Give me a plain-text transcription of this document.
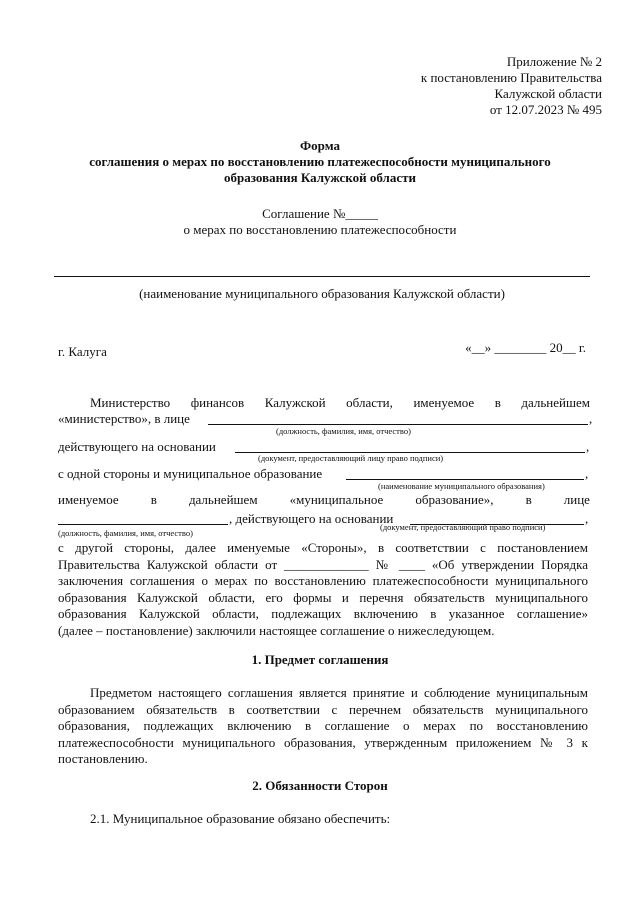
Приложение № 2
к постановлению Правительства
Калужской области
от 12.07.2023 № 495
Форма
соглашения о мерах по восстановлению платежеспособности муниципального
образования Калужской области
Соглашение №_____
о мерах по восстановлению платежеспособности
(наименование муниципального образования Калужской области)
г. Калуга	«__» ________ 20__ г.
Министерство финансов Калужской области, именуемое в дальнейшем
«министерство», в лице	,
(должность, фамилия, имя, отчество)
действующего на основании	,
(документ, предоставляющий лицу право подписи)
с одной стороны и муниципальное образование	,
(наименование муниципального образования)
именуемое в дальнейшем «муниципальное образование», в лице
, действующего на основании	,
(должность, фамилия, имя, отчество)
(документ, предоставляющий право подписи)
с другой стороны, далее именуемые «Стороны», в соответствии с постановлением
Правительства Калужской области от _____________ № ____ «Об утверждении Порядка
заключения соглашения о мерах по восстановлению платежеспособности муниципального
образования Калужской области, его формы и перечня обязательств муниципального
образования Калужской области, подлежащих включению в указанное соглашение»
(далее – постановление) заключили настоящее соглашение о нижеследующем.
1. Предмет соглашения
Предметом настоящего соглашения является принятие и соблюдение муниципальным
образованием обязательств в соответствии с перечнем обязательств муниципального
образования, подлежащих включению в соглашение о мерах по восстановлению
платежеспособности муниципального образования, утвержденным приложением № 3 к
постановлению.
2. Обязанности Сторон
2.1. Муниципальное образование обязано обеспечить:
